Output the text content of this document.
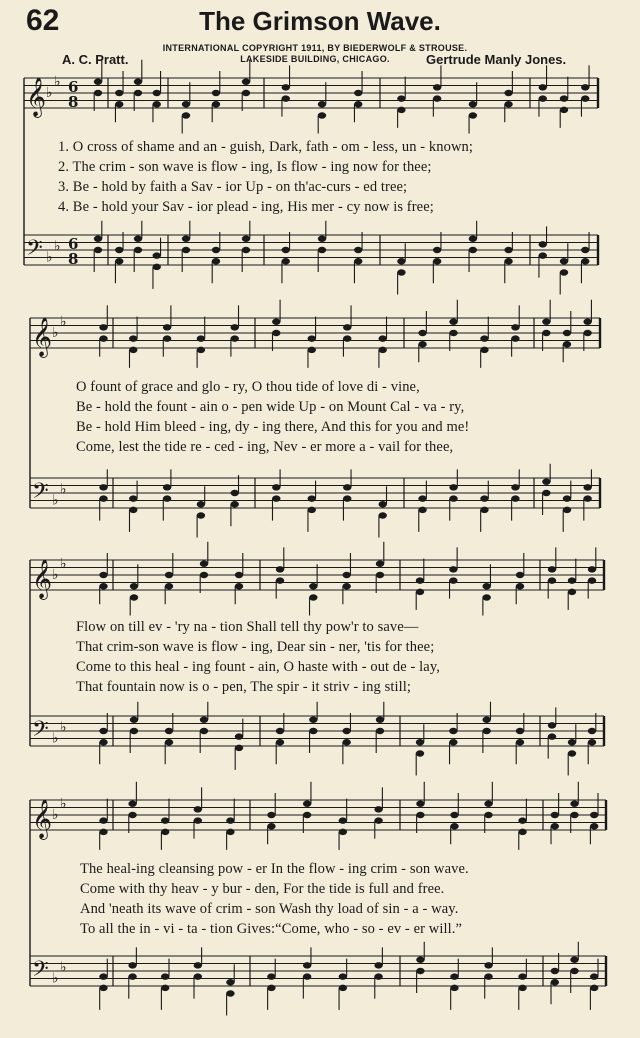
62	The Grimson Wave.
INTERNATIONAL COPYRIGHT 1911, BY BIEDERWOLF & STROUSE.
LAKESIDE BUILDING, CHICAGO.
A. C. Pratt.	Gertrude Manly Jones.
𝄞 ♭
♭ 6
8
𝄢 ♭
♭ 6
8
𝄞 ♭
♭
𝄢 ♭
♭
𝄞 ♭
♭
𝄢 ♭
♭
𝄞 ♭
♭
𝄢 ♭
♭
1. O cross of shame and an - guish, Dark, fath - om - less, un - known;
2. The crim - son wave is flow - ing, Is flow - ing now for thee;
3. Be - hold by faith a Sav - ior Up - on th'ac-curs - ed tree;
4. Be - hold your Sav - ior plead - ing, His mer - cy now is free;
O fount of grace and glo - ry, O thou tide of love di - vine,
Be - hold the fount - ain o - pen wide Up - on Mount Cal - va - ry,
Be - hold Him bleed - ing, dy - ing there, And this for you and me!
Come, lest the tide re - ced - ing, Nev - er more a - vail for thee,
Flow on till ev - 'ry na - tion Shall tell thy pow'r to save—
That crim-son wave is flow - ing, Dear sin - ner, 'tis for thee;
Come to this heal - ing fount - ain, O haste with - out de - lay,
That fountain now is o - pen, The spir - it striv - ing still;
The heal-ing cleansing pow - er In the flow - ing crim - son wave.
Come with thy heav - y bur - den, For the tide is full and free.
And 'neath its wave of crim - son Wash thy load of sin - a - way.
To all the in - vi - ta - tion Gives:“Come, who - so - ev - er will.”
